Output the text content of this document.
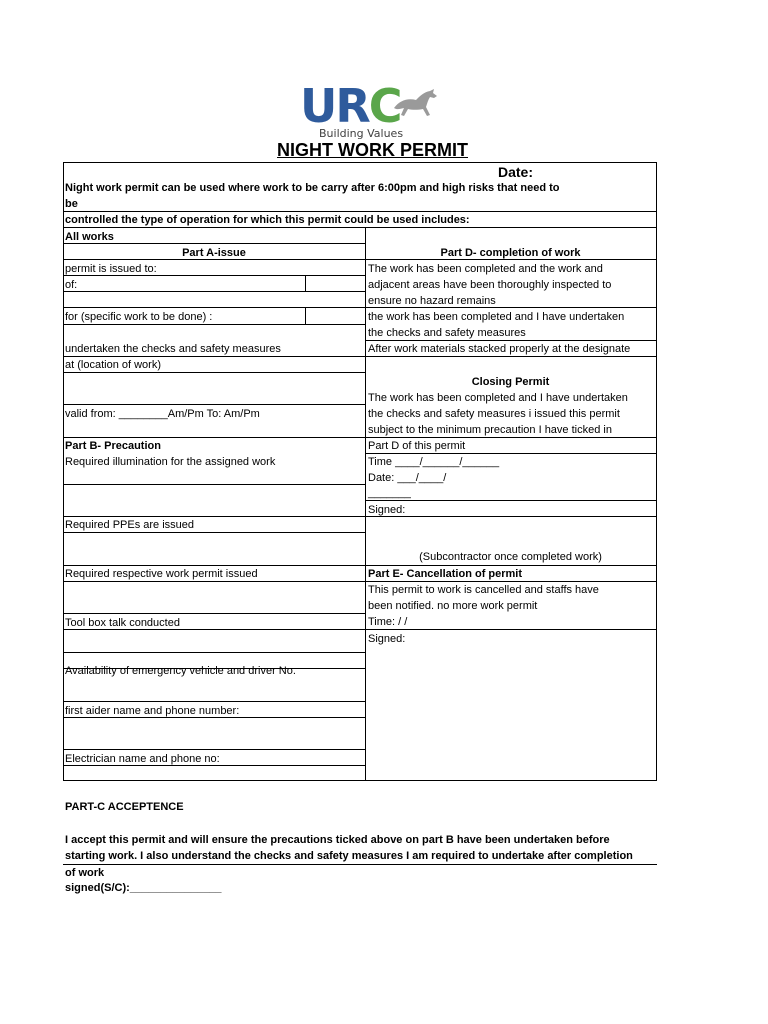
URC
Building Values
NIGHT WORK PERMIT
Date:
Night work permit can be used where work to be carry after 6:00pm and high risks that need to
be
controlled the type of operation for which this permit could be used includes:
All works
Part A-issue
permit is issued to:
of:
for (specific work to be done) :
undertaken the checks and safety measures
at (location of work)
valid from: ________Am/Pm To: Am/Pm
Part B- Precaution
Required illumination for the assigned work
Required PPEs are issued
Required respective work permit issued
Tool box talk conducted
Availability of emergency vehicle and driver No.
first aider name and phone number:
Electrician name and phone no:
Part D- completion of work
The work has been completed and the work and
adjacent areas have been thoroughly inspected to
ensure no hazard remains
the work has been completed and I have undertaken
the checks and safety measures
After work materials stacked properly at the designate
Closing Permit
The work has been completed and I have undertaken
the checks and safety measures i issued this permit
subject to the minimum precaution I have ticked in
Part D of this permit
Time ____/______/______
Date: ___/____/
_______
Signed:
(Subcontractor once completed work)
Part E- Cancellation of permit
This permit to work is cancelled and staffs have
been notified. no more work permit
Time: / /
Signed:
PART-C ACCEPTENCE
I accept this permit and will ensure the precautions ticked above on part B have been undertaken before
starting work. I also understand the checks and safety measures I am required to undertake after completion
of work
signed(S/C):_______________
